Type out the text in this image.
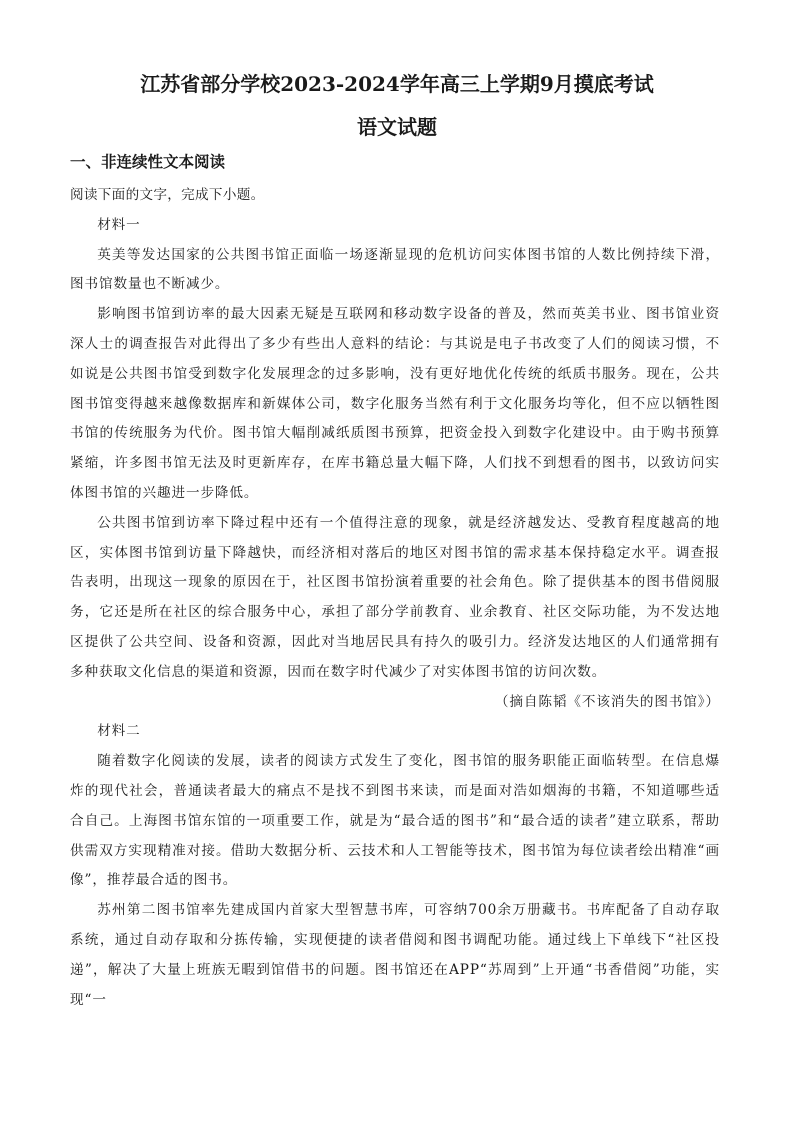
江苏省部分学校2023-2024学年高三上学期9月摸底考试
语文试题
一、非连续性文本阅读

阅读下面的文字，完成下小题。

材料一

英美等发达国家的公共图书馆正面临一场逐渐显现的危机访问实体图书馆的人数比例持续下滑，图书馆数量也不断减少。

影响图书馆到访率的最大因素无疑是互联网和移动数字设备的普及，然而英美书业、图书馆业资深人士的调查报告对此得出了多少有些出人意料的结论：与其说是电子书改变了人们的阅读习惯，不如说是公共图书馆受到数字化发展理念的过多影响，没有更好地优化传统的纸质书服务。现在，公共图书馆变得越来越像数据库和新媒体公司，数字化服务当然有利于文化服务均等化，但不应以牺牲图书馆的传统服务为代价。图书馆大幅削减纸质图书预算，把资金投入到数字化建设中。由于购书预算紧缩，许多图书馆无法及时更新库存，在库书籍总量大幅下降，人们找不到想看的图书，以致访问实体图书馆的兴趣进一步降低。

公共图书馆到访率下降过程中还有一个值得注意的现象，就是经济越发达、受教育程度越高的地区，实体图书馆到访量下降越快，而经济相对落后的地区对图书馆的需求基本保持稳定水平。调查报告表明，出现这一现象的原因在于，社区图书馆扮演着重要的社会角色。除了提供基本的图书借阅服务，它还是所在社区的综合服务中心，承担了部分学前教育、业余教育、社区交际功能，为不发达地区提供了公共空间、设备和资源，因此对当地居民具有持久的吸引力。经济发达地区的人们通常拥有多种获取文化信息的渠道和资源，因而在数字时代减少了对实体图书馆的访问次数。

（摘自陈韬《不该消失的图书馆》）

材料二

随着数字化阅读的发展，读者的阅读方式发生了变化，图书馆的服务职能正面临转型。在信息爆炸的现代社会，普通读者最大的痛点不是找不到图书来读，而是面对浩如烟海的书籍，不知道哪些适合自己。上海图书馆东馆的一项重要工作，就是为“最合适的图书”和“最合适的读者”建立联系，帮助供需双方实现精准对接。借助大数据分析、云技术和人工智能等技术，图书馆为每位读者绘出精准“画像”，推荐最合适的图书。

苏州第二图书馆率先建成国内首家大型智慧书库，可容纳700余万册藏书。书库配备了自动存取系统，通过自动存取和分拣传输，实现便捷的读者借阅和图书调配功能。通过线上下单线下“社区投递”，解决了大量上班族无暇到馆借书的问题。图书馆还在APP“苏周到”上开通“书香借阅”功能，实现“一
